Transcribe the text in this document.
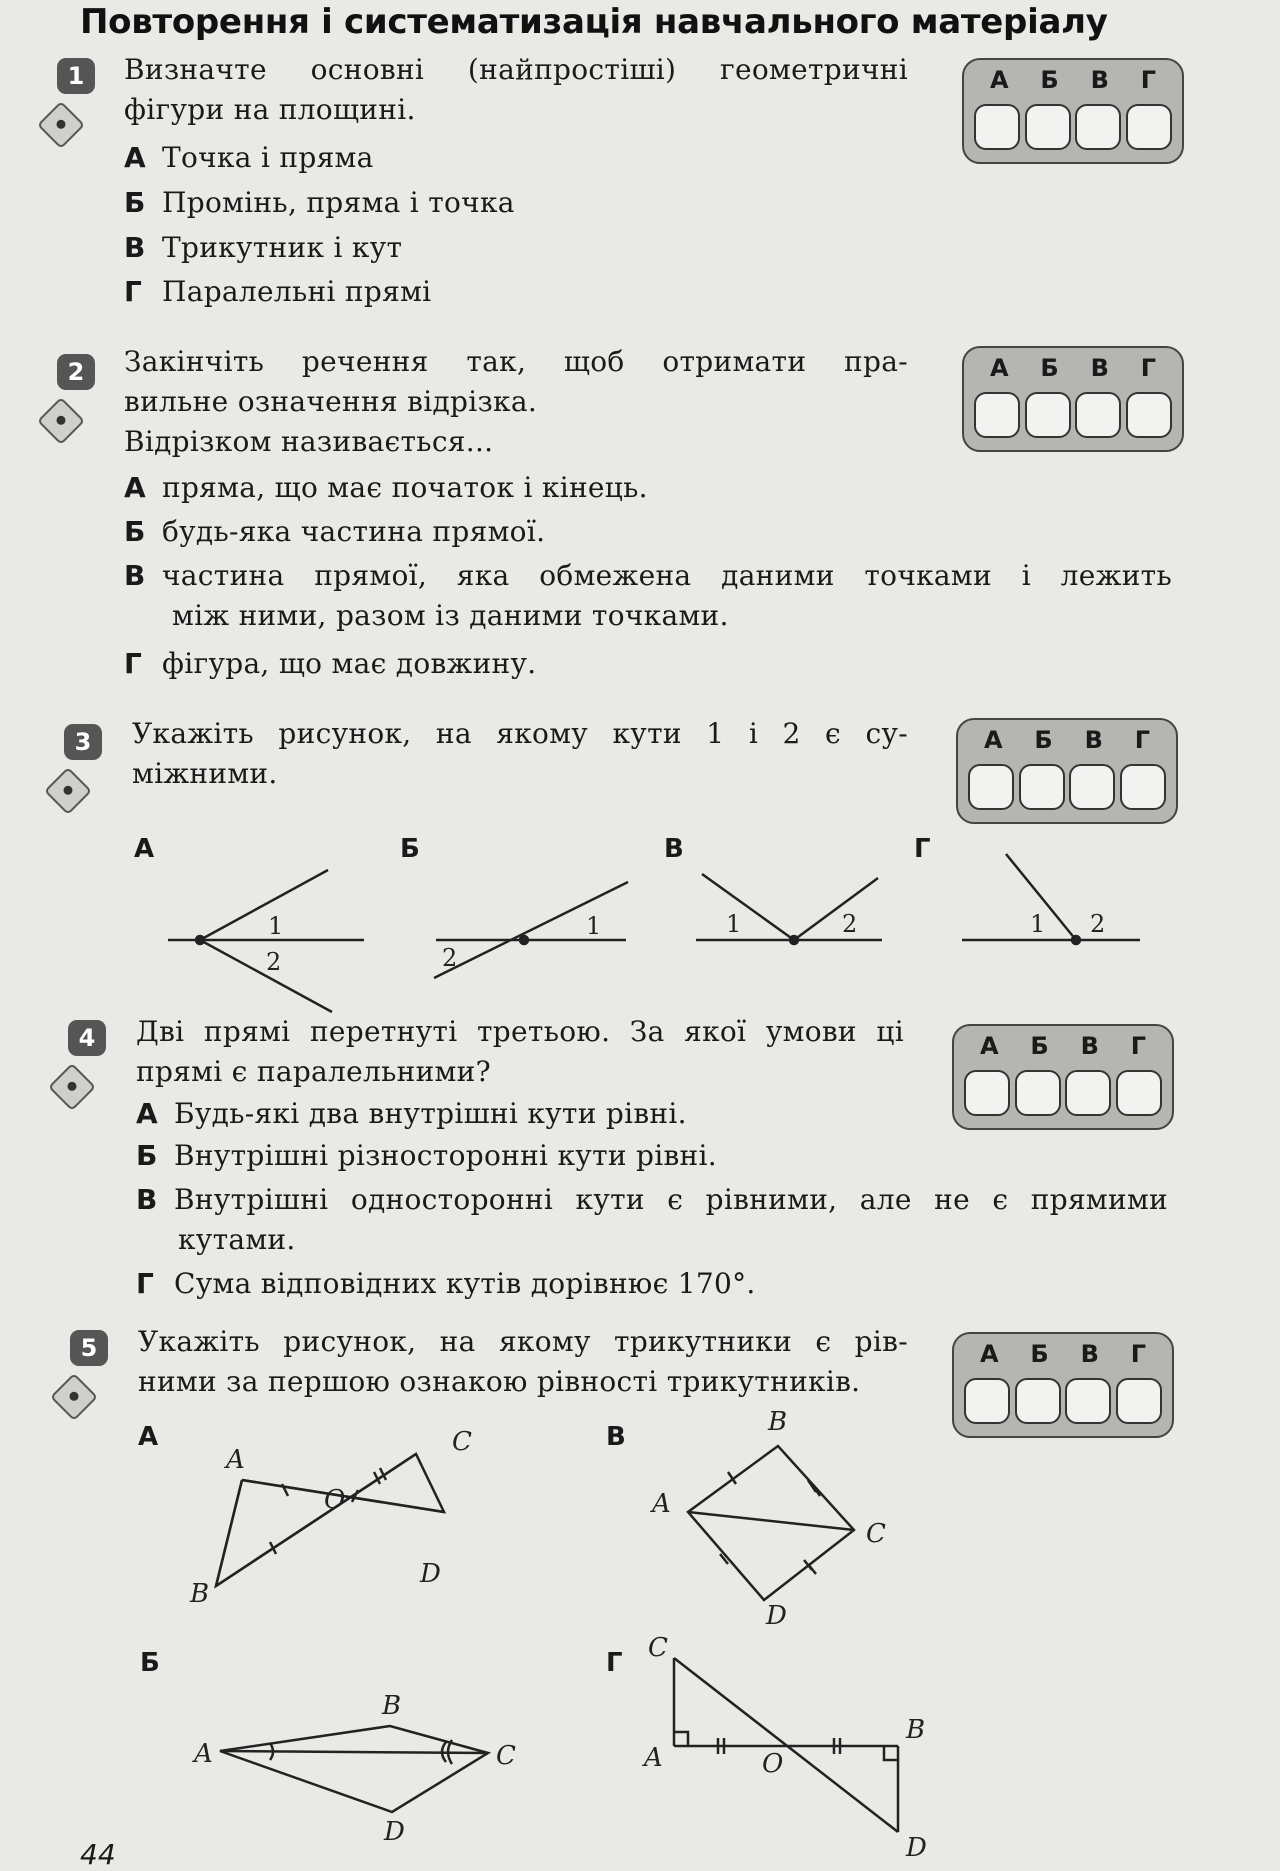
Повторення і систематизація навчального матеріалу
1	Визначте основні (найпростіші) геометричні
фігури на площині.
А Точка і пряма
Б Промінь, пряма і точка
В Трикутник і кут
Г Паралельні прямі
А Б В Г
2	Закінчіть речення так, щоб отримати пра-
вильне означення відрізка.
Відрізком називається...
А пряма, що має початок і кінець.
Б будь-яка частина прямої.
В частина прямої, яка обмежена даними точками і лежить
між ними, разом із даними точками.
Г фігура, що має довжину.
А Б В Г
3	Укажіть рисунок, на якому кути 1 і 2 є су-
міжними.
А Б В Г
А	Б	В	Г
1
2
1
2
1	2	1 2
4	Дві прямі перетнуті третьою. За якої умови ці
прямі є паралельними?
А Будь-які два внутрішні кути рівні.
Б Внутрішні різносторонні кути рівні.
В Внутрішні односторонні кути є рівними, але не є прямими
кутами.
Г Сума відповідних кутів дорівнює 170°.
А Б В Г
5	Укажіть рисунок, на якому трикутники є рів-
ними за першою ознакою рівності трикутників.
А Б В Г
А	В
Б	Г
A
C
O
B
D
B
A
C
D
B
A	C
D
C
A	O
B
D
44
